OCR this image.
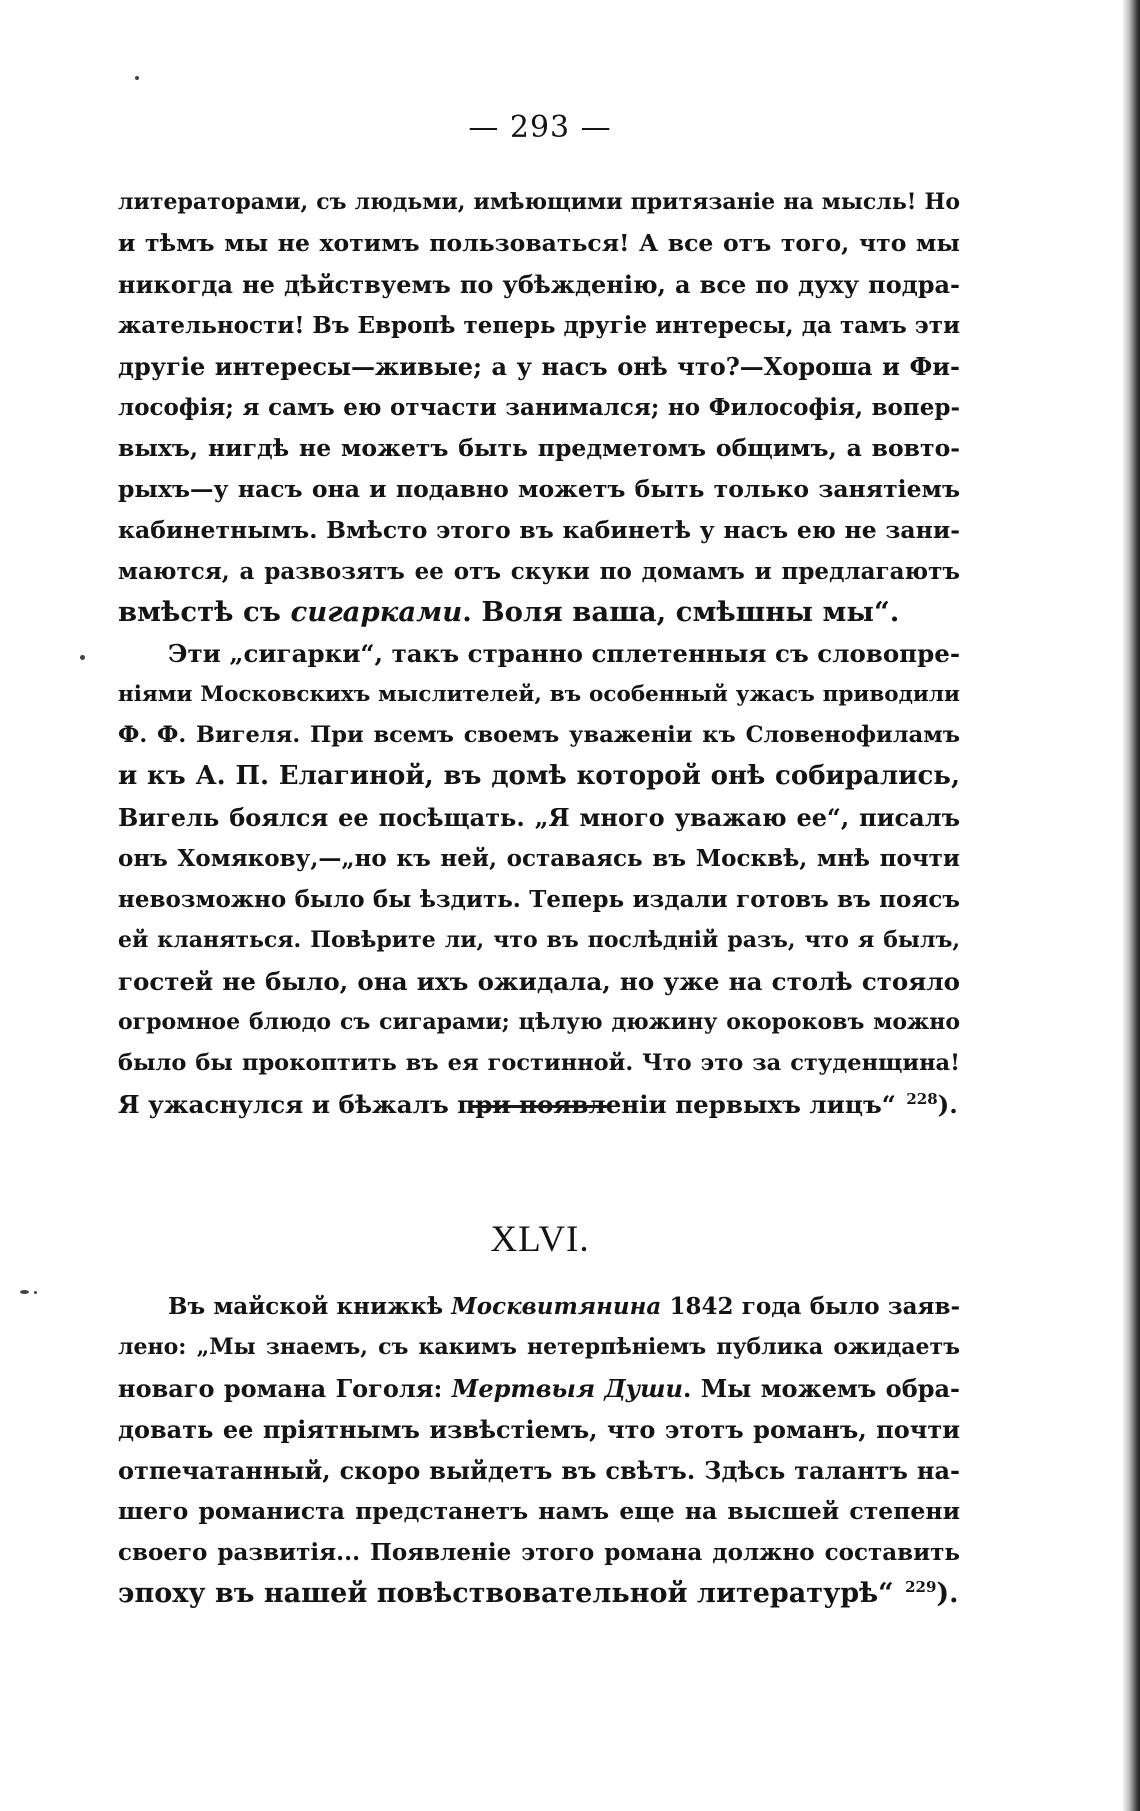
— 293 —
литераторами, съ людьми, имѣющими притязаніе на мысль! Но
и тѣмъ мы не хотимъ пользоваться! А все отъ того, что мы
никогда не дѣйствуемъ по убѣжденію, а все по духу подра-
жательности! Въ Европѣ теперь другіе интересы, да тамъ эти
другіе интересы—живые; а у насъ онѣ что?—Хороша и Фи-
лософія; я самъ ею отчасти занимался; но Философія, вопер-
выхъ, нигдѣ не можетъ быть предметомъ общимъ, а вовто-
рыхъ—у насъ она и подавно можетъ быть только занятіемъ
кабинетнымъ. Вмѣсто этого въ кабинетѣ у насъ ею не зани-
маются, а развозятъ ее отъ скуки по домамъ и предлагаютъ
вмѣстѣ съ сигарками. Воля ваша, смѣшны мы“.
Эти „сигарки“, такъ странно сплетенныя съ словопре-
ніями Московскихъ мыслителей, въ особенный ужасъ приводили
Ф. Ф. Вигеля. При всемъ своемъ уваженіи къ Словенофиламъ
и къ А. П. Елагиной, въ домѣ которой онѣ собирались,
Вигель боялся ее посѣщать. „Я много уважаю ее“, писалъ
онъ Хомякову,—„но къ ней, оставаясь въ Москвѣ, мнѣ почти
невозможно было бы ѣздить. Теперь издали готовъ въ поясъ
ей кланяться. Повѣрите ли, что въ послѣдній разъ, что я былъ,
гостей не было, она ихъ ожидала, но уже на столѣ стояло
огромное блюдо съ сигарами; цѣлую дюжину окороковъ можно
было бы прокоптить въ ея гостинной. Что это за студенщина!
Я ужаснулся и бѣжалъ при появленіи первыхъ лицъ“ $^{228}$).
XLVI.
Въ майской книжкѣ Москвитянина 1842 года было заяв-
лено: „Мы знаемъ, съ какимъ нетерпѣніемъ публика ожидаетъ
новаго романа Гоголя: Мертвыя Души. Мы можемъ обра-
довать ее пріятнымъ извѣстіемъ, что этотъ романъ, почти
отпечатанный, скоро выйдетъ въ свѣтъ. Здѣсь талантъ на-
шего романиста предстанетъ намъ еще на высшей степени
своего развитія... Появленіе этого романа должно составить
эпоху въ нашей повѣствовательной литературѣ“ $^{229}$).
